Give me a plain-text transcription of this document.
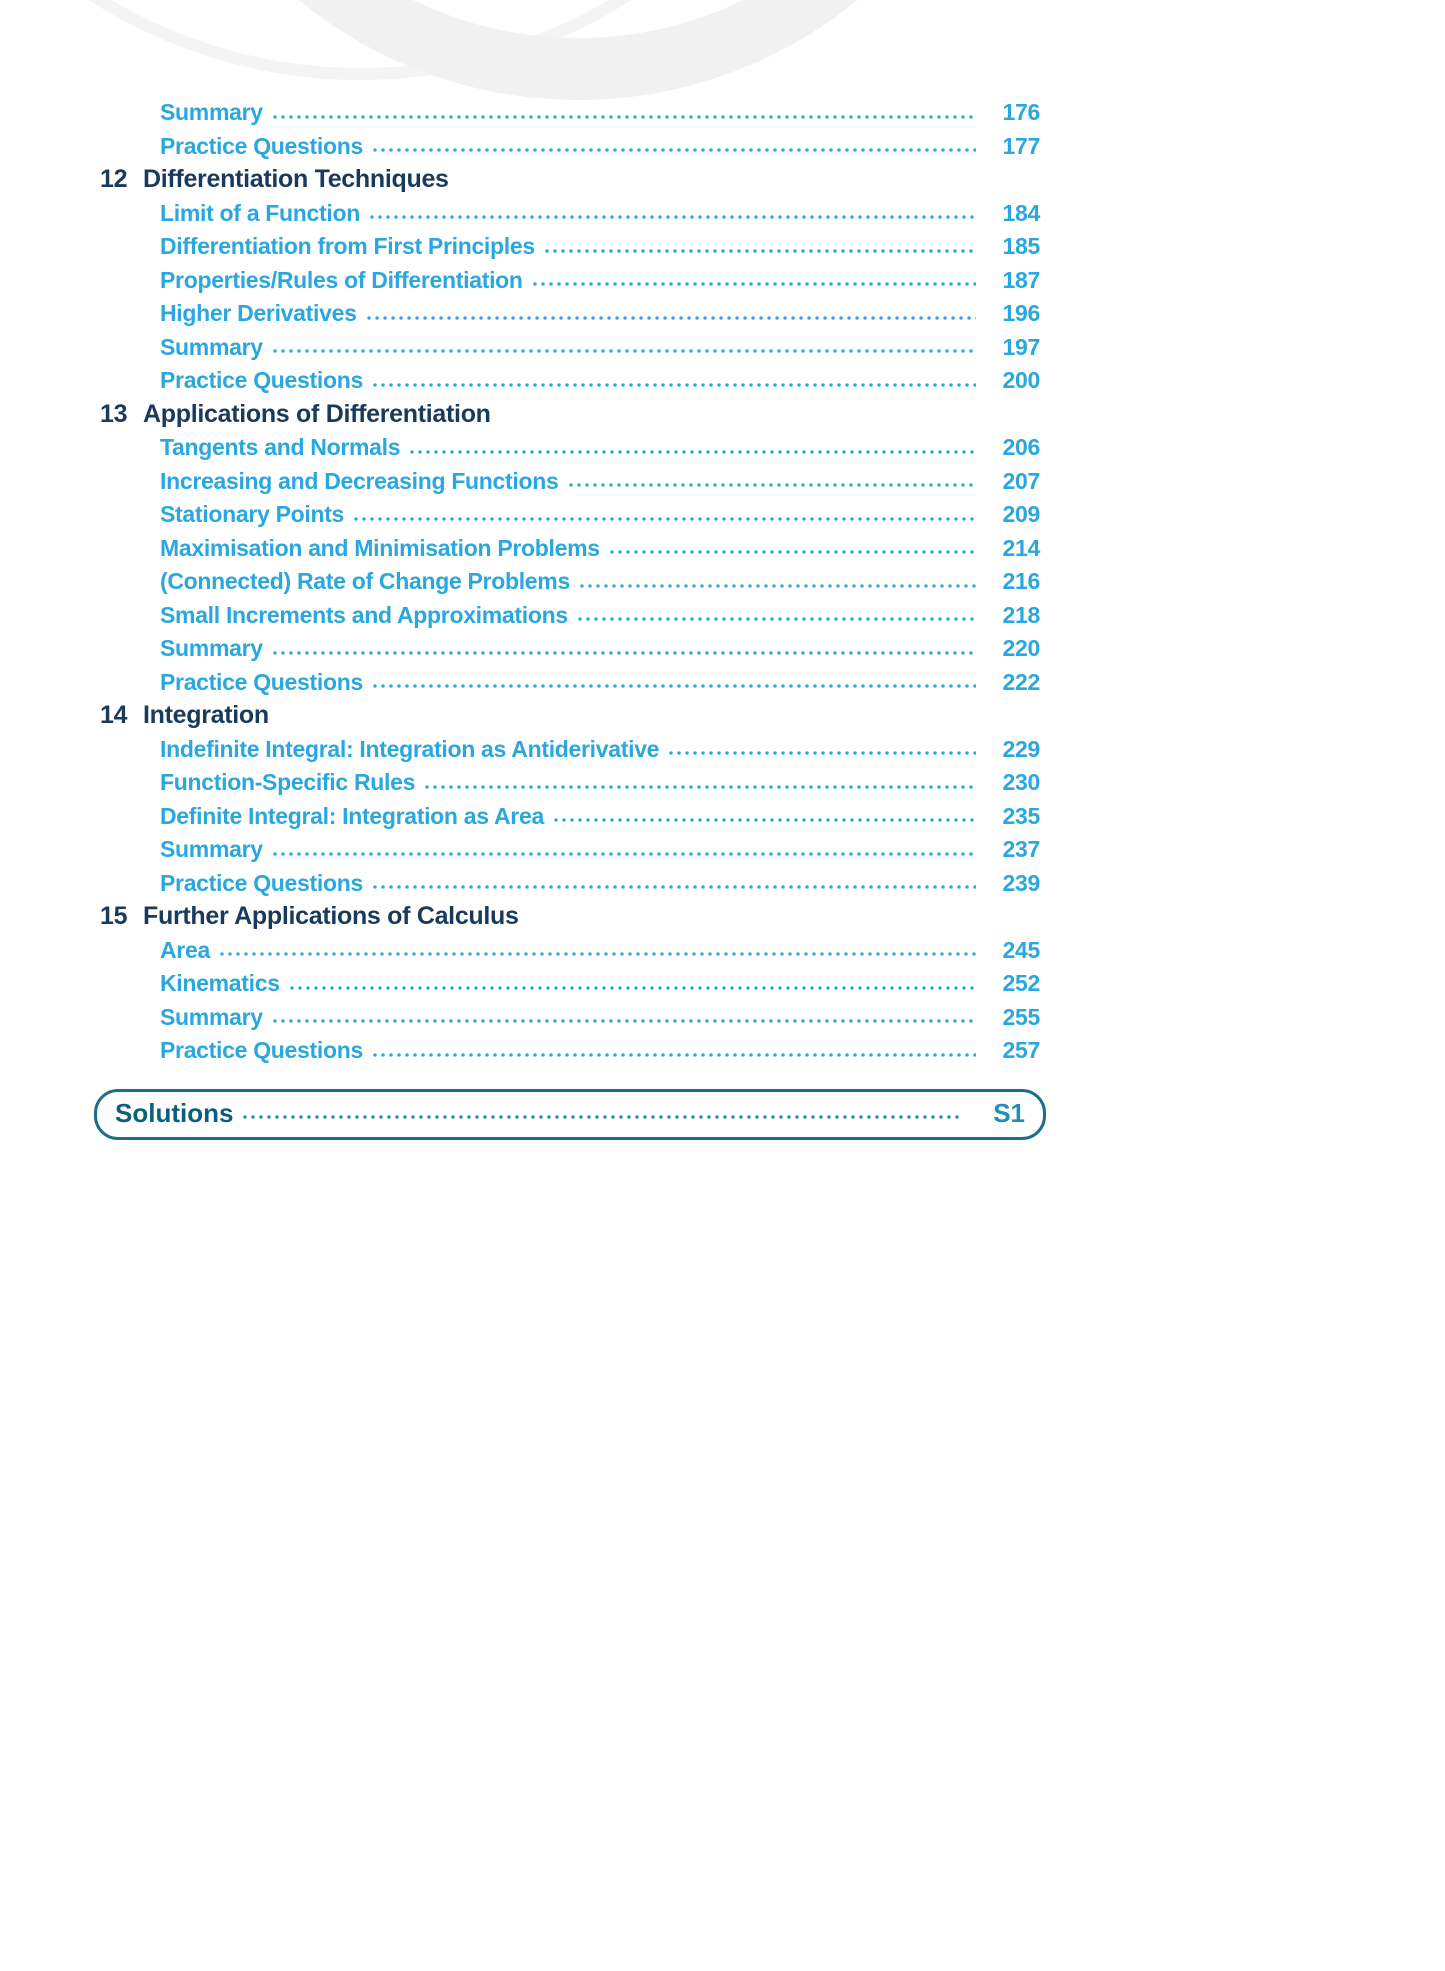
Summary	176
Practice Questions	177
12 Differentiation Techniques
Limit of a Function	184
Differentiation from First Principles	185
Properties/Rules of Differentiation	187
Higher Derivatives	196
Summary	197
Practice Questions	200
13 Applications of Differentiation
Tangents and Normals	206
Increasing and Decreasing Functions	207
Stationary Points	209
Maximisation and Minimisation Problems	214
(Connected) Rate of Change Problems	216
Small Increments and Approximations	218
Summary	220
Practice Questions	222
14 Integration
Indefinite Integral: Integration as Antiderivative	229
Function-Specific Rules	230
Definite Integral: Integration as Area	235
Summary	237
Practice Questions	239
15 Further Applications of Calculus
Area	245
Kinematics	252
Summary	255
Practice Questions	257
Solutions	S1
